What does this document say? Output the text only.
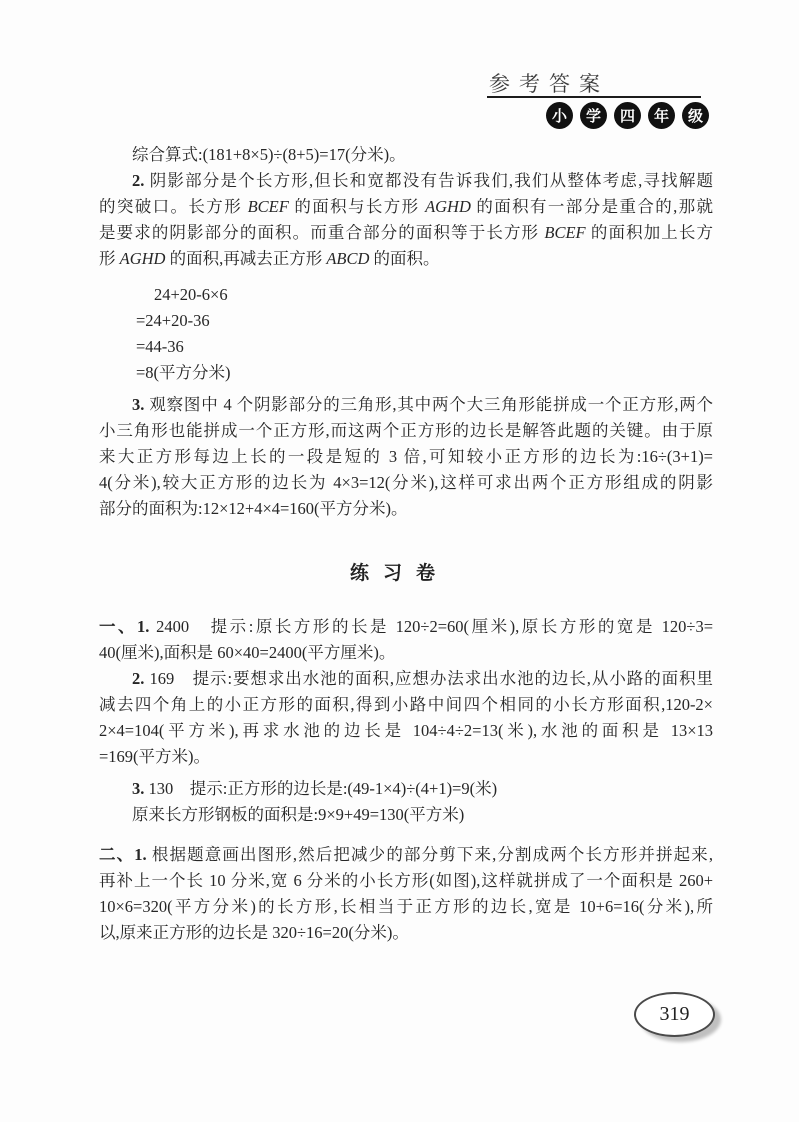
参考答案
小	学	四	年	级
综合算式:(181+8×5)÷(8+5)=17(分米)。
2. 阴影部分是个长方形,但长和宽都没有告诉我们,我们从整体考虑,寻找解题
的突破口。长方形 BCEF 的面积与长方形 AGHD 的面积有一部分是重合的,那就
是要求的阴影部分的面积。而重合部分的面积等于长方形 BCEF 的面积加上长方
形 AGHD 的面积,再减去正方形 ABCD 的面积。
24+20-6×6
=24+20-36
=44-36
=8(平方分米)
3. 观察图中 4 个阴影部分的三角形,其中两个大三角形能拼成一个正方形,两个
小三角形也能拼成一个正方形,而这两个正方形的边长是解答此题的关键。由于原
来大正方形每边上长的一段是短的 3 倍,可知较小正方形的边长为:16÷(3+1)=
4(分米),较大正方形的边长为 4×3=12(分米),这样可求出两个正方形组成的阴影
部分的面积为:12×12+4×4=160(平方分米)。
练习卷
一、1. 2400　提示:原长方形的长是 120÷2=60(厘米),原长方形的宽是 120÷3=
40(厘米),面积是 60×40=2400(平方厘米)。
2. 169　提示:要想求出水池的面积,应想办法求出水池的边长,从小路的面积里
减去四个角上的小正方形的面积,得到小路中间四个相同的小长方形面积,120-2×
2×4=104(平方米),再求水池的边长是 104÷4÷2=13(米),水池的面积是 13×13
=169(平方米)。
3. 130　提示:正方形的边长是:(49-1×4)÷(4+1)=9(米)
原来长方形钢板的面积是:9×9+49=130(平方米)
二、1. 根据题意画出图形,然后把减少的部分剪下来,分割成两个长方形并拼起来,
再补上一个长 10 分米,宽 6 分米的小长方形(如图),这样就拼成了一个面积是 260+
10×6=320(平方分米)的长方形,长相当于正方形的边长,宽是 10+6=16(分米),所
以,原来正方形的边长是 320÷16=20(分米)。
319
